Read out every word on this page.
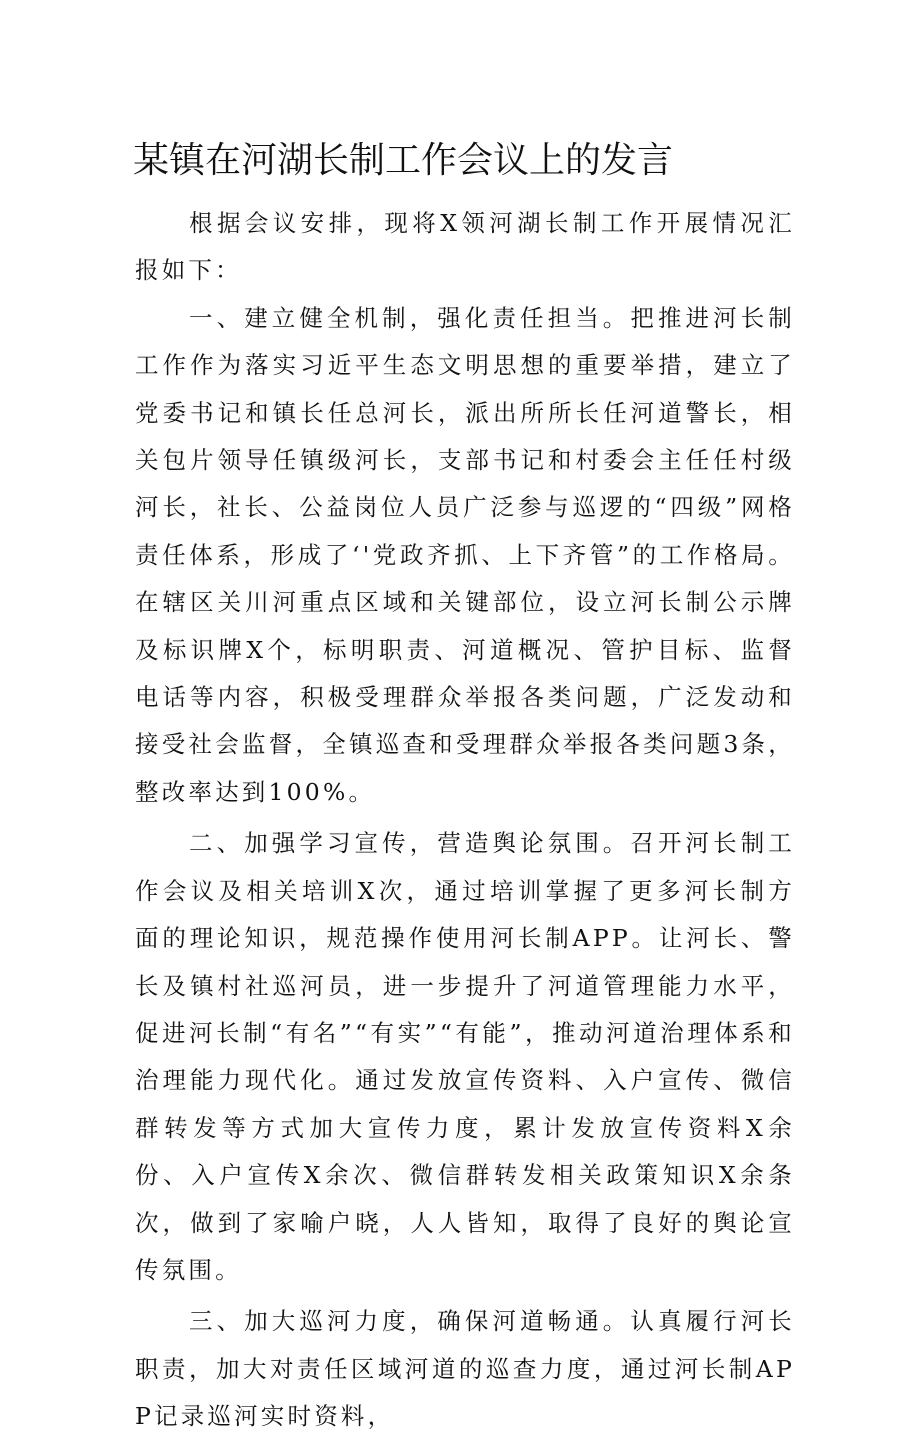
某镇在河湖长制工作会议上的发言

根据会议安排，现将X领河湖长制工作开展情况汇报如下：

一、建立健全机制，强化责任担当。把推进河长制工作作为落实习近平生态文明思想的重要举措，建立了党委书记和镇长任总河长，派出所所长任河道警长，相关包片领导任镇级河长，支部书记和村委会主任任村级河长，社长、公益岗位人员广泛参与巡逻的“四级”网格责任体系，形成了‘'党政齐抓、上下齐管”的工作格局。在辖区关川河重点区域和关键部位，设立河长制公示牌及标识牌X个，标明职责、河道概况、管护目标、监督电话等内容，积极受理群众举报各类问题，广泛发动和接受社会监督，全镇巡查和受理群众举报各类问题3条，整改率达到100%。

二、加强学习宣传，营造舆论氛围。召开河长制工作会议及相关培训X次，通过培训掌握了更多河长制方面的理论知识，规范操作使用河长制APP。让河长、警长及镇村社巡河员，进一步提升了河道管理能力水平，促进河长制“有名”“有实”“有能”，推动河道治理体系和治理能力现代化。通过发放宣传资料、入户宣传、微信群转发等方式加大宣传力度，累计发放宣传资料X余份、入户宣传X余次、微信群转发相关政策知识X余条次，做到了家喻户晓，人人皆知，取得了良好的舆论宣传氛围。

三、加大巡河力度，确保河道畅通。认真履行河长职责，加大对责任区域河道的巡查力度，通过河长制APP记录巡河实时资料，
